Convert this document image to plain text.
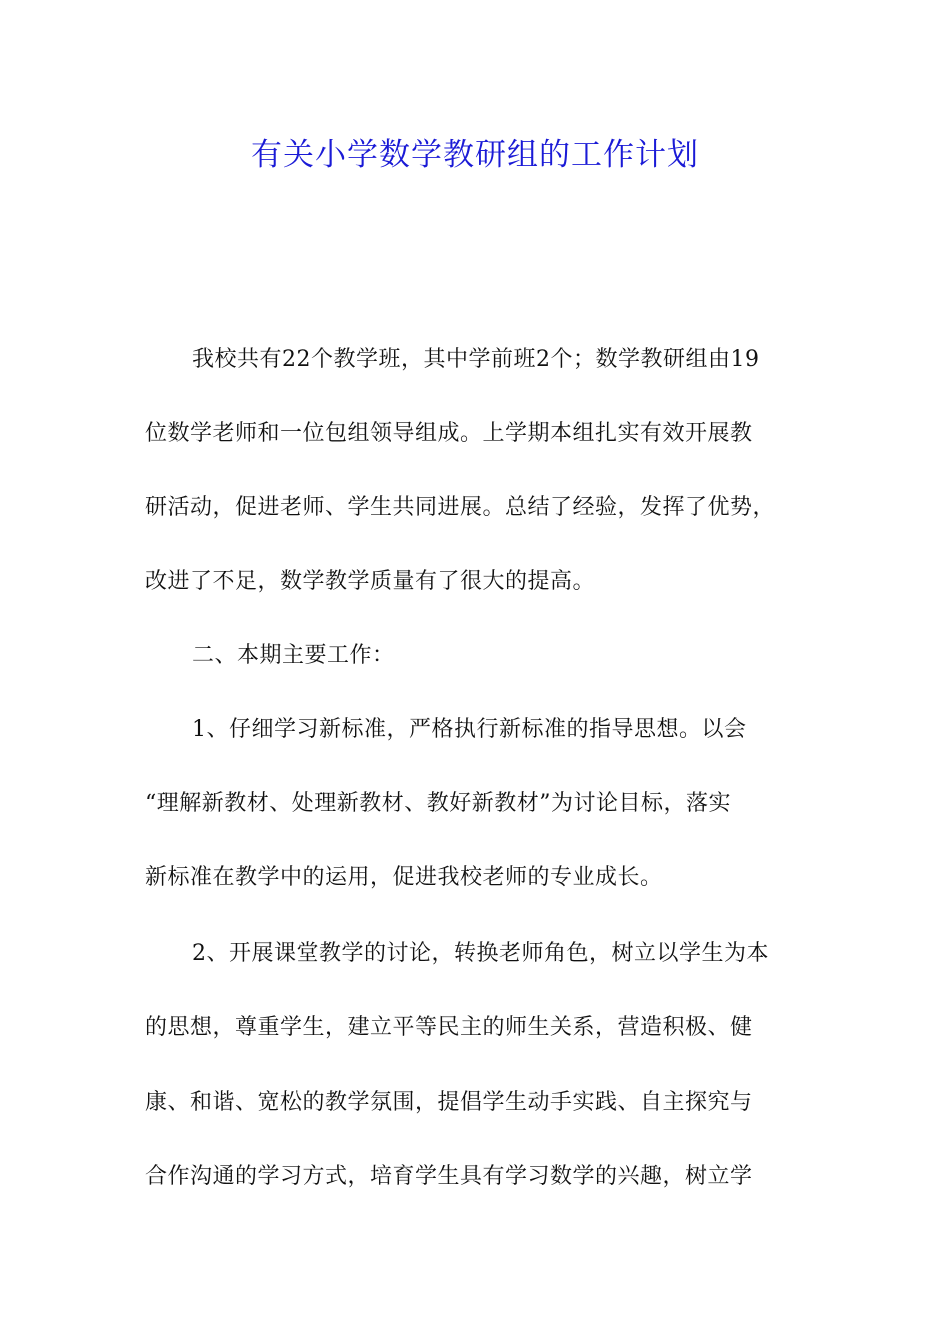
有关小学数学教研组的工作计划
我校共有22个教学班，其中学前班2个；数学教研组由19
位数学老师和一位包组领导组成。上学期本组扎实有效开展教
研活动，促进老师、学生共同进展。总结了经验，发挥了优势，
改进了不足，数学教学质量有了很大的提高。
二、本期主要工作：
1、仔细学习新标准，严格执行新标准的指导思想。以会
“理解新教材、处理新教材、教好新教材”为讨论目标，落实
新标准在教学中的运用，促进我校老师的专业成长。
2、开展课堂教学的讨论，转换老师角色，树立以学生为本
的思想，尊重学生，建立平等民主的师生关系，营造积极、健
康、和谐、宽松的教学氛围，提倡学生动手实践、自主探究与
合作沟通的学习方式，培育学生具有学习数学的兴趣，树立学
